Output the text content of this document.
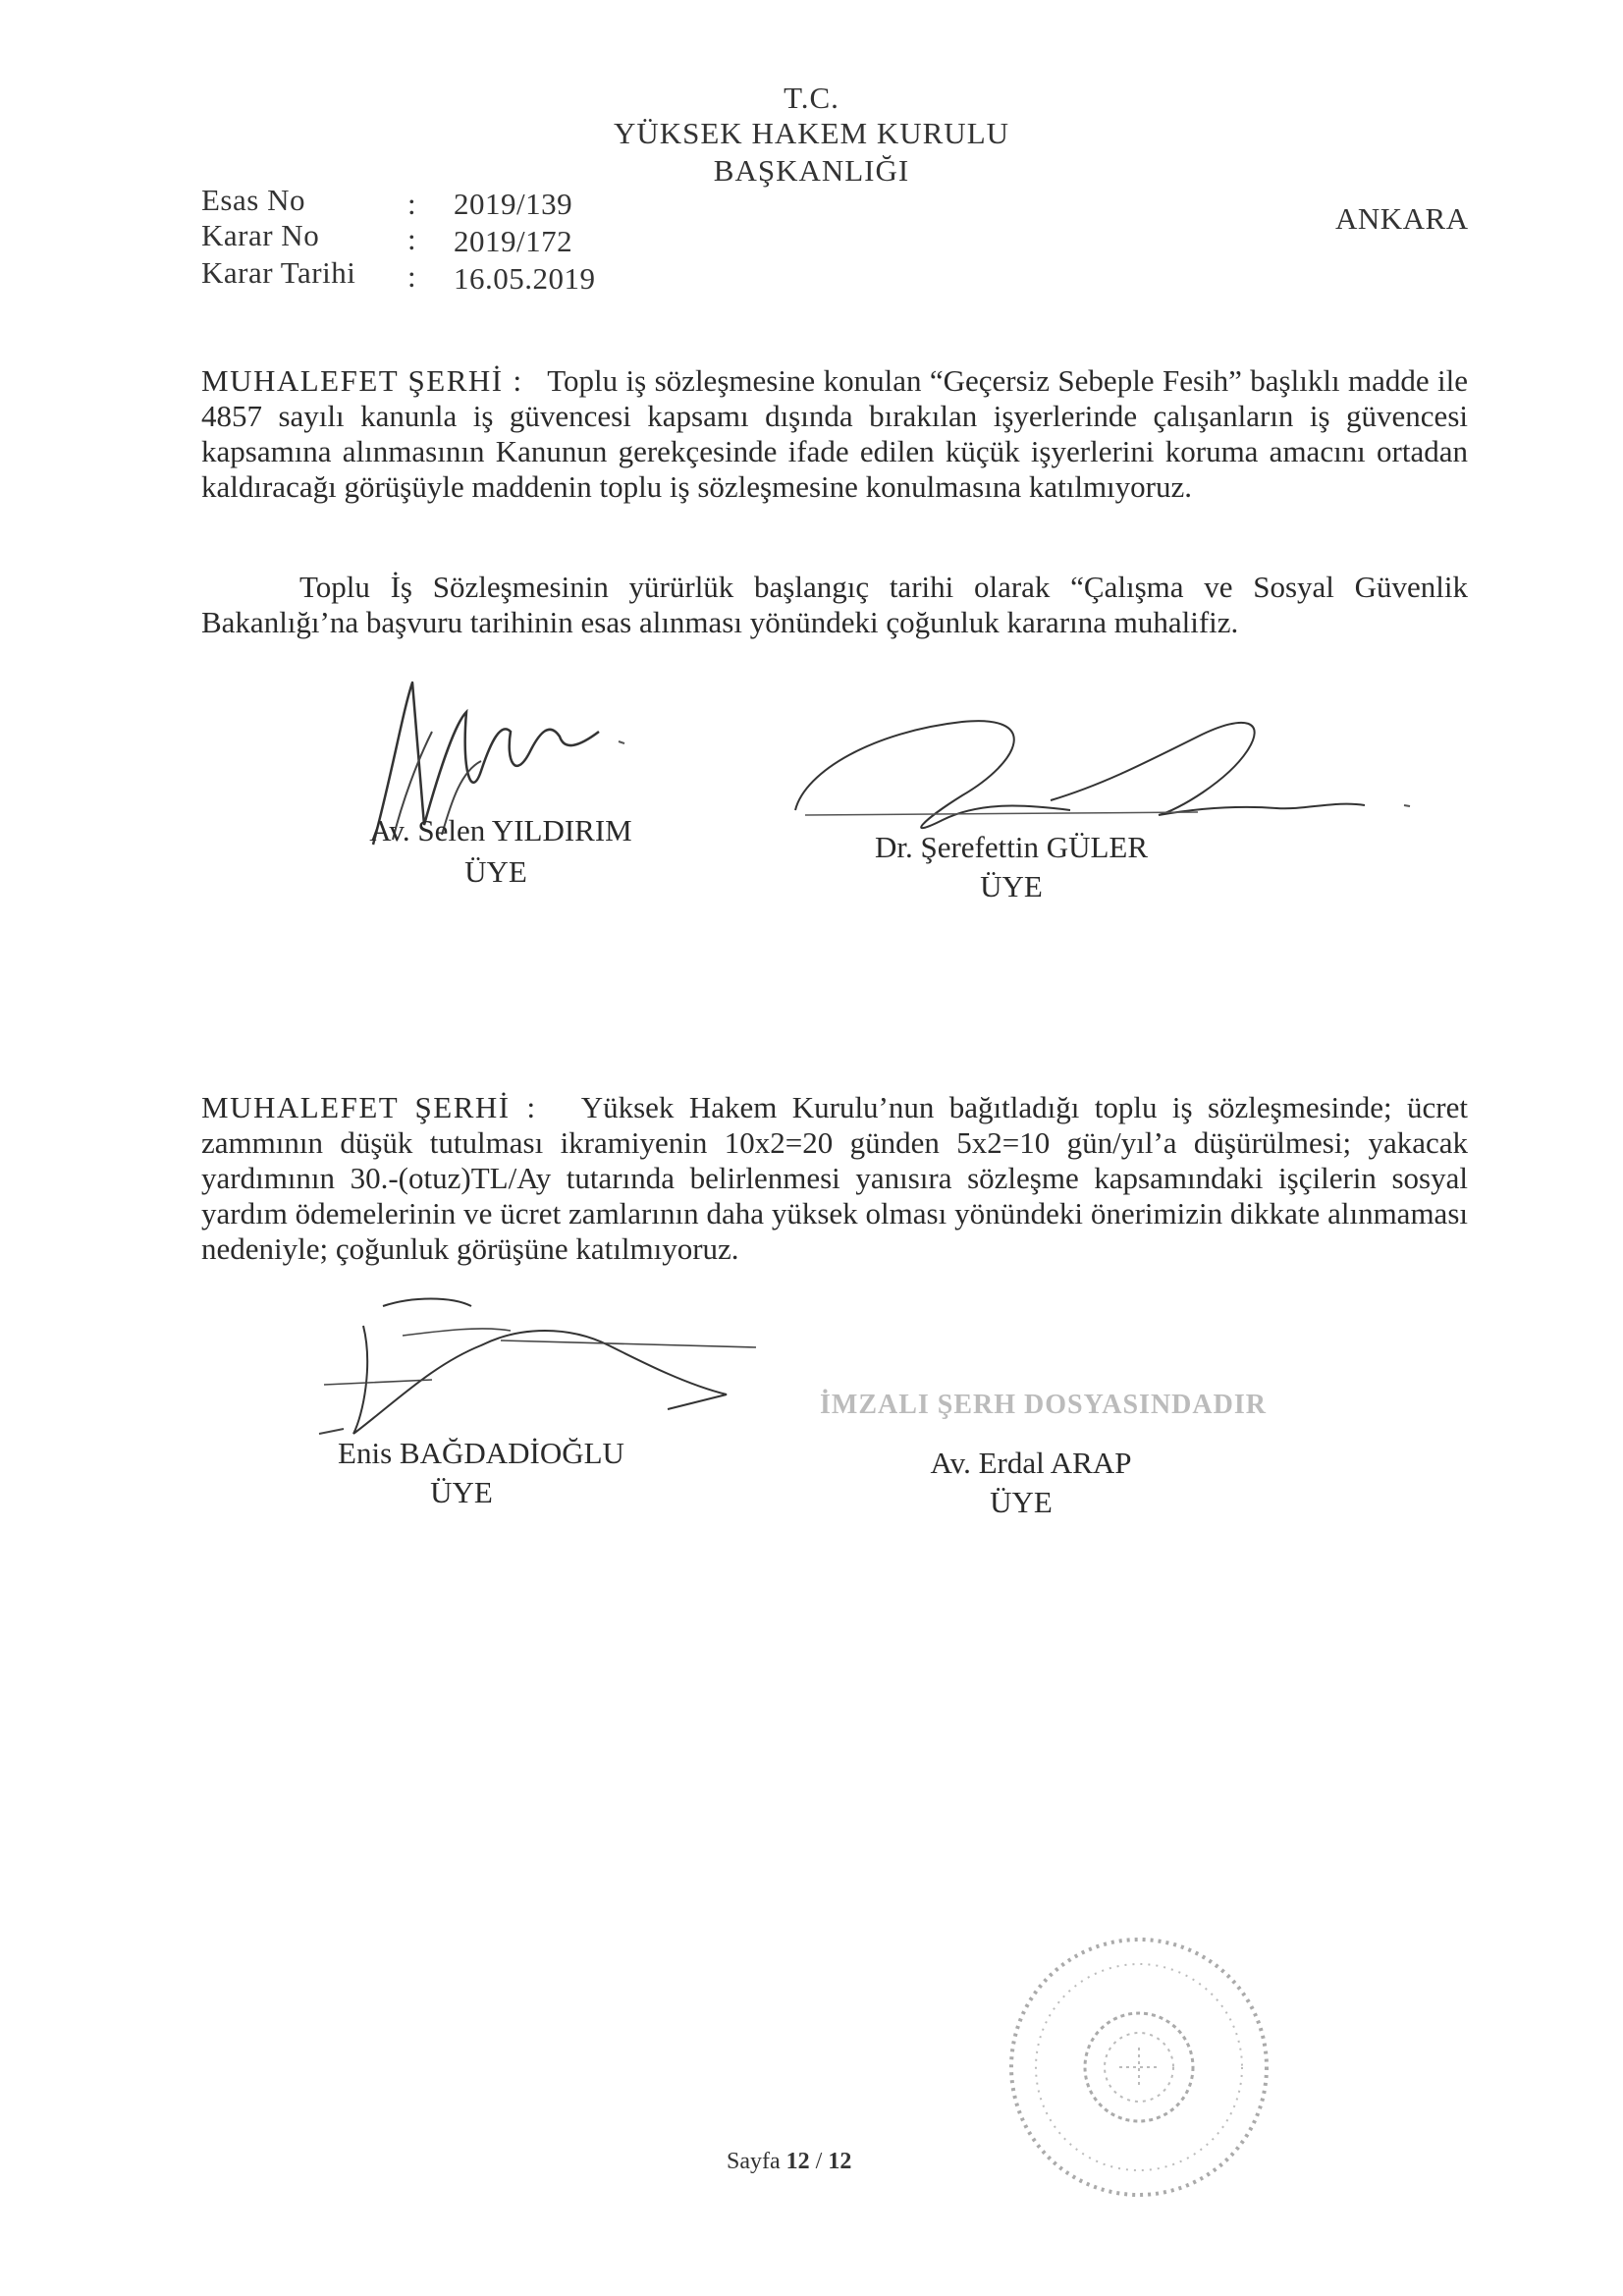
T.C.
YÜKSEK HAKEM KURULU
BAŞKANLIĞI
ANKARA
Esas No	: 2019/139
Karar No	: 2019/172
Karar Tarihi : 16.05.2019
MUHALEFET ŞERHİ : Toplu iş sözleşmesine konulan “Geçersiz Sebeple Fesih” başlıklı madde ile 4857 sayılı kanunla iş güvencesi kapsamı dışında bırakılan işyerlerinde çalışanların iş güvencesi kapsamına alınmasının Kanunun gerekçesinde ifade edilen küçük işyerlerini koruma amacını ortadan kaldıracağı görüşüyle maddenin toplu iş sözleşmesine konulmasına katılmıyoruz.
Toplu İş Sözleşmesinin yürürlük başlangıç tarihi olarak “Çalışma ve Sosyal Güvenlik Bakanlığı’na başvuru tarihinin esas alınması yönündeki çoğunluk kararına muhalifiz.
Av. Selen YILDIRIM
ÜYE
Dr. Şerefettin GÜLER
ÜYE
MUHALEFET ŞERHİ : Yüksek Hakem Kurulu’nun bağıtladığı toplu iş sözleşmesinde; ücret zammının düşük tutulması ikramiyenin 10x2=20 günden 5x2=10 gün/yıl’a düşürülmesi; yakacak yardımının 30.-(otuz)TL/Ay tutarında belirlenmesi yanısıra sözleşme kapsamındaki işçilerin sosyal yardım ödemelerinin ve ücret zamlarının daha yüksek olması yönündeki önerimizin dikkate alınmaması nedeniyle; çoğunluk görüşüne katılmıyoruz.
Enis BAĞDADİOĞLU
ÜYE
İMZALI ŞERH DOSYASINDADIR
Av. Erdal ARAP
ÜYE
Sayfa 12 / 12
